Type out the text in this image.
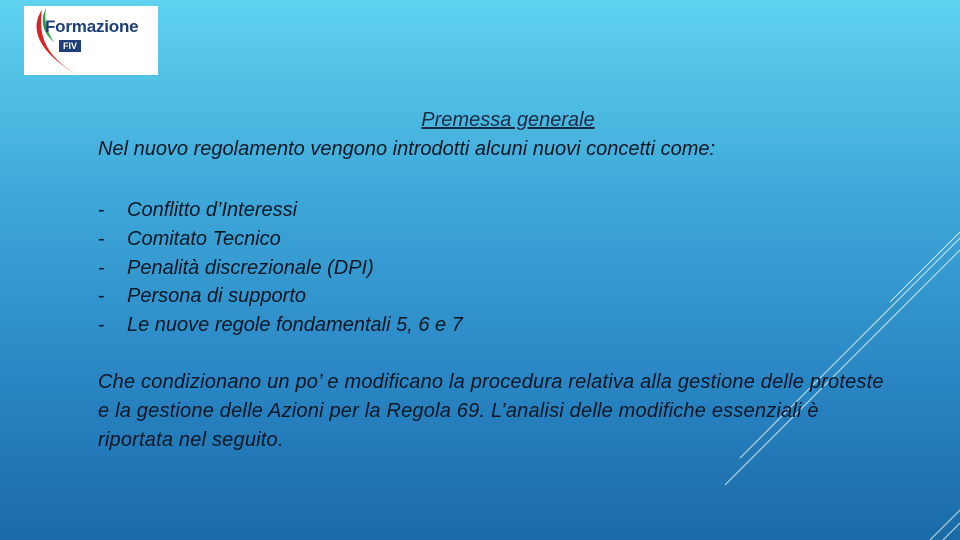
Formazione
FIV

Premessa generale

Nel nuovo regolamento vengono introdotti alcuni nuovi concetti come:

- Conflitto d’Interessi
- Comitato Tecnico
- Penalità discrezionale (DPI)
- Persona di supporto
- Le nuove regole fondamentali 5, 6 e 7

Che condizionano un po’ e modificano la procedura relativa alla gestione delle proteste e la gestione delle Azioni per la Regola 69. L’analisi delle modifiche essenziali è riportata nel seguito.
